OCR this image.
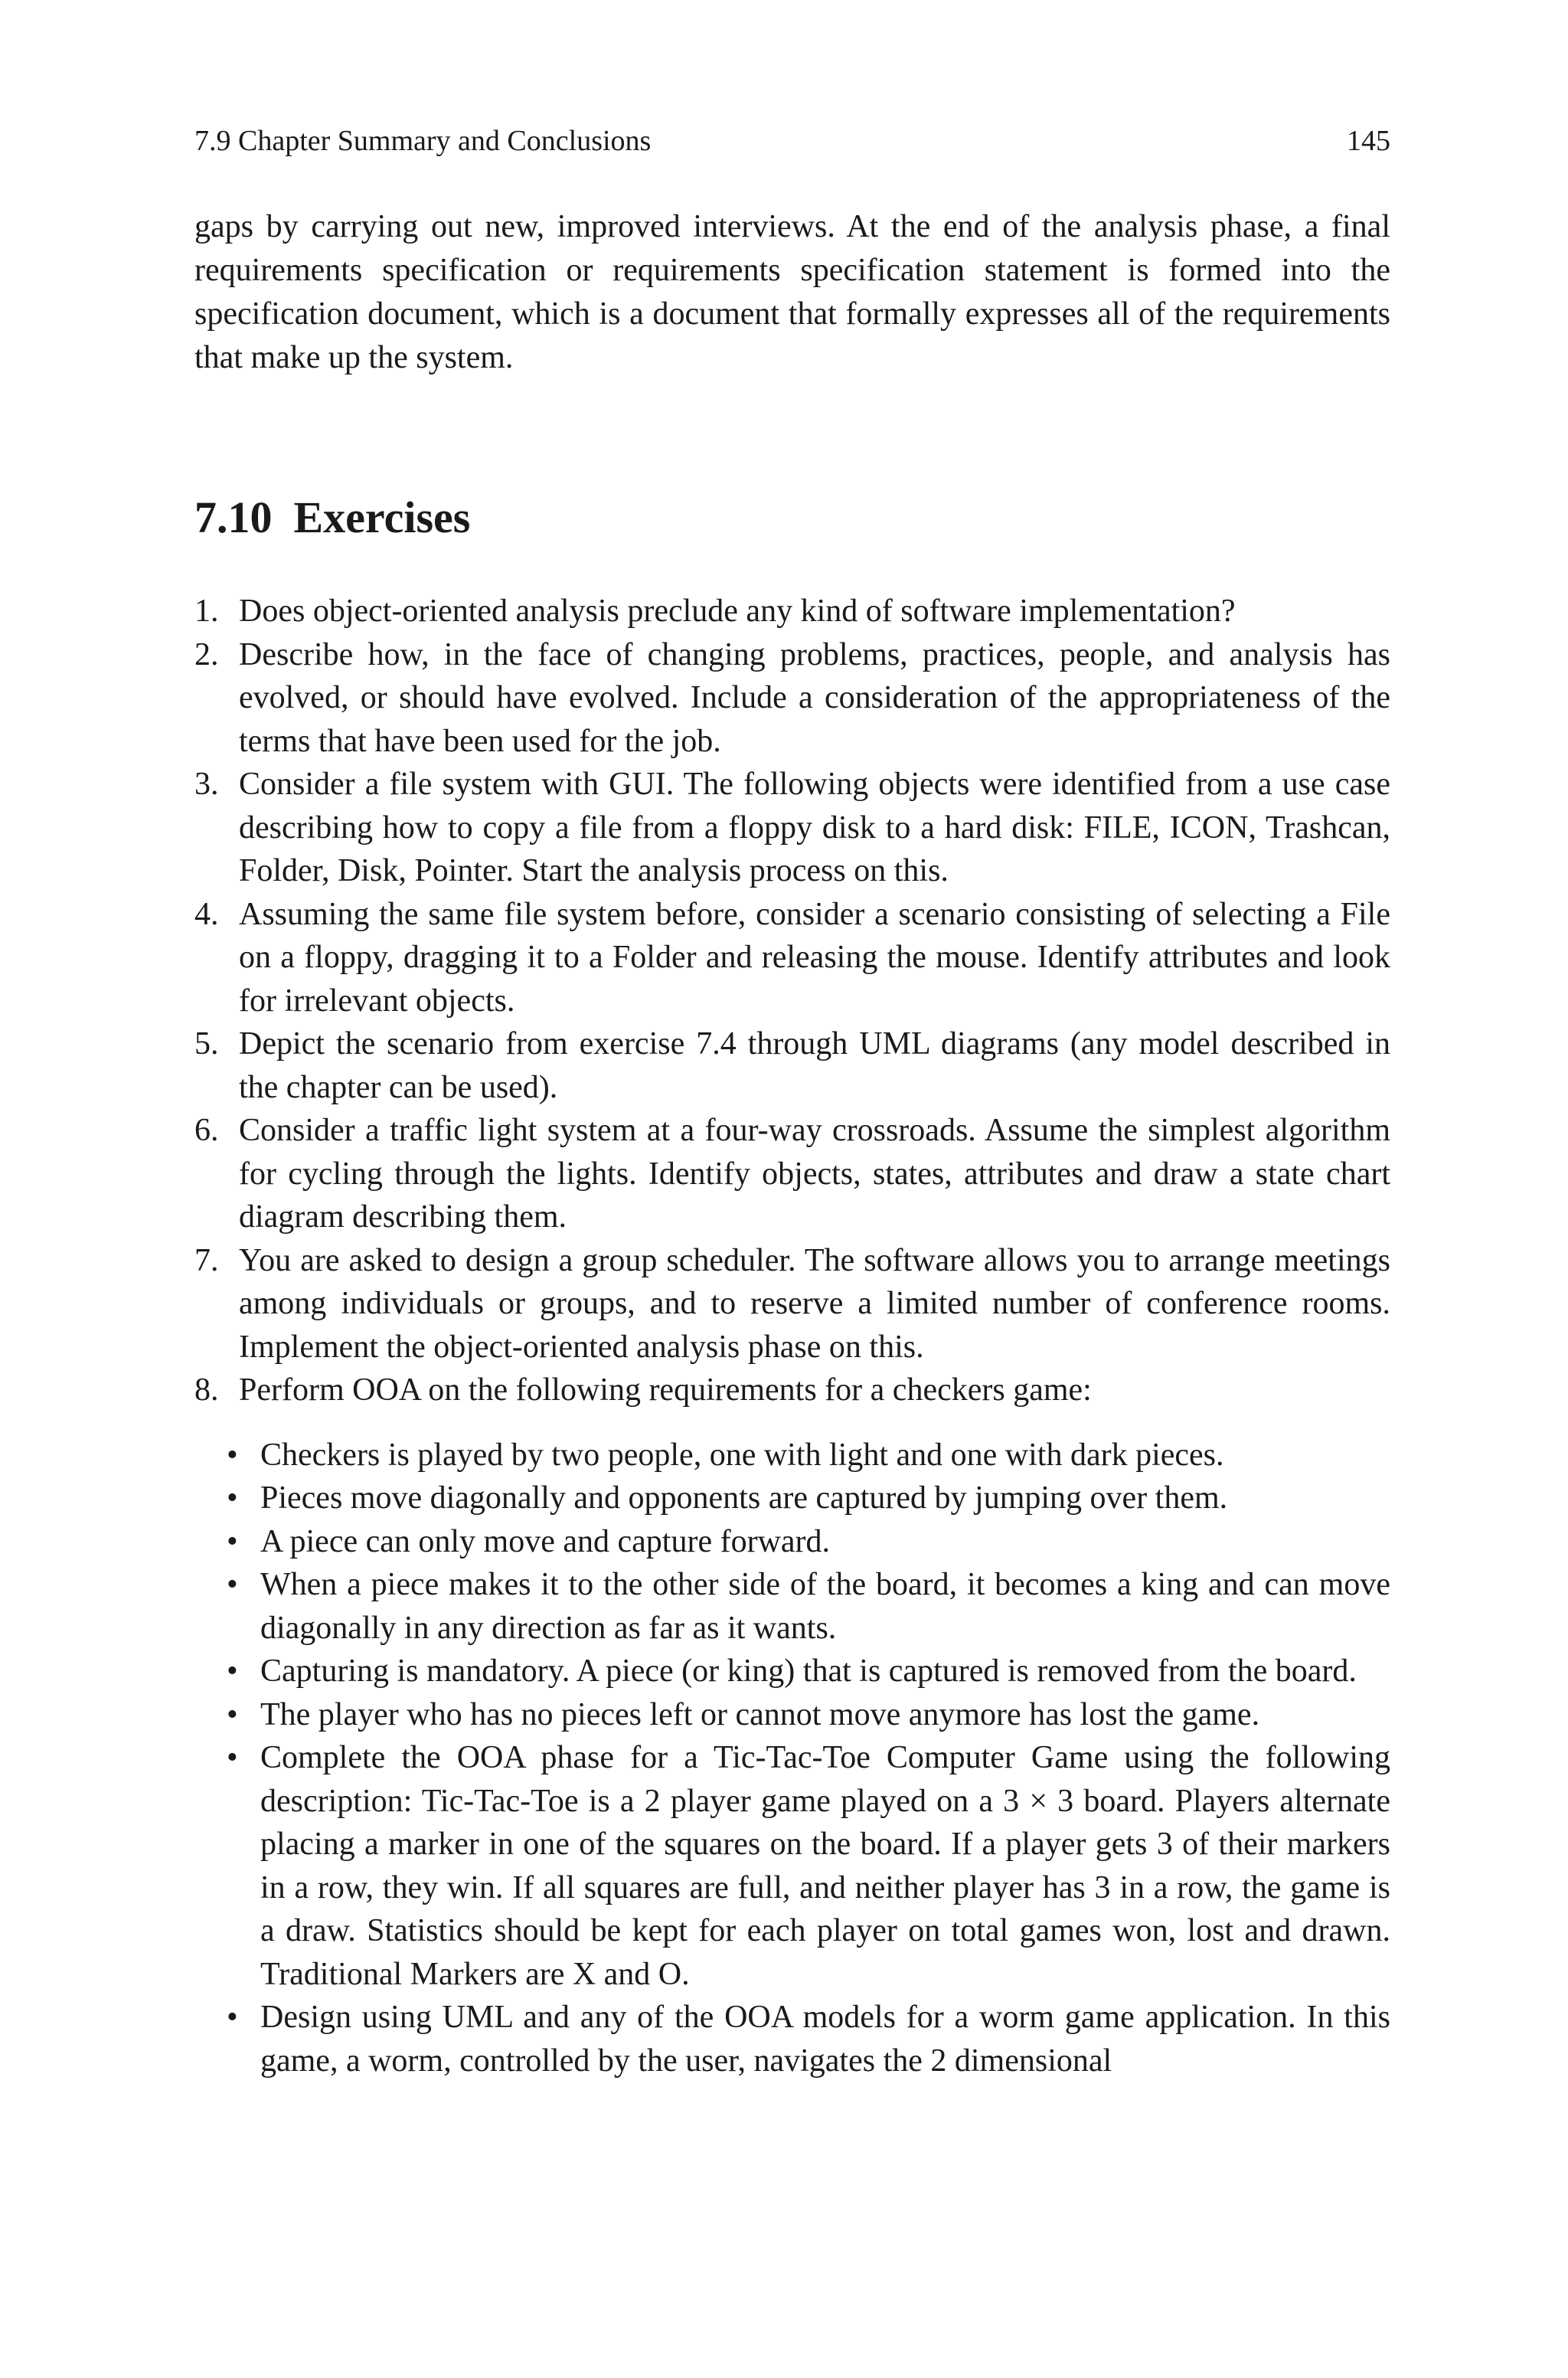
7.9 Chapter Summary and Conclusions	145

gaps by carrying out new, improved interviews. At the end of the analysis phase, a final requirements specification or requirements specification statement is formed into the specification document, which is a document that formally expresses all of the requirements that make up the system.

7.10 Exercises
1. Does object-oriented analysis preclude any kind of software implementation?
2. Describe how, in the face of changing problems, practices, people, and analysis has evolved, or should have evolved. Include a consideration of the appropriateness of the terms that have been used for the job.
3. Consider a file system with GUI. The following objects were identified from a use case describing how to copy a file from a floppy disk to a hard disk: FILE, ICON, Trashcan, Folder, Disk, Pointer. Start the analysis process on this.
4. Assuming the same file system before, consider a scenario consisting of selecting a File on a floppy, dragging it to a Folder and releasing the mouse. Identify attributes and look for irrelevant objects.
5. Depict the scenario from exercise 7.4 through UML diagrams (any model described in the chapter can be used).
6. Consider a traffic light system at a four-way crossroads. Assume the simplest algorithm for cycling through the lights. Identify objects, states, attributes and draw a state chart diagram describing them.
7. You are asked to design a group scheduler. The software allows you to arrange meetings among individuals or groups, and to reserve a limited number of conference rooms. Implement the object-oriented analysis phase on this.
8. Perform OOA on the following requirements for a checkers game:
• Checkers is played by two people, one with light and one with dark pieces.
• Pieces move diagonally and opponents are captured by jumping over them.
• A piece can only move and capture forward.
• When a piece makes it to the other side of the board, it becomes a king and can move diagonally in any direction as far as it wants.
• Capturing is mandatory. A piece (or king) that is captured is removed from the board.
• The player who has no pieces left or cannot move anymore has lost the game.
• Complete the OOA phase for a Tic-Tac-Toe Computer Game using the following description: Tic-Tac-Toe is a 2 player game played on a 3 × 3 board. Players alternate placing a marker in one of the squares on the board. If a player gets 3 of their markers in a row, they win. If all squares are full, and neither player has 3 in a row, the game is a draw. Statistics should be kept for each player on total games won, lost and drawn. Traditional Markers are X and O.
• Design using UML and any of the OOA models for a worm game application. In this game, a worm, controlled by the user, navigates the 2 dimensional
